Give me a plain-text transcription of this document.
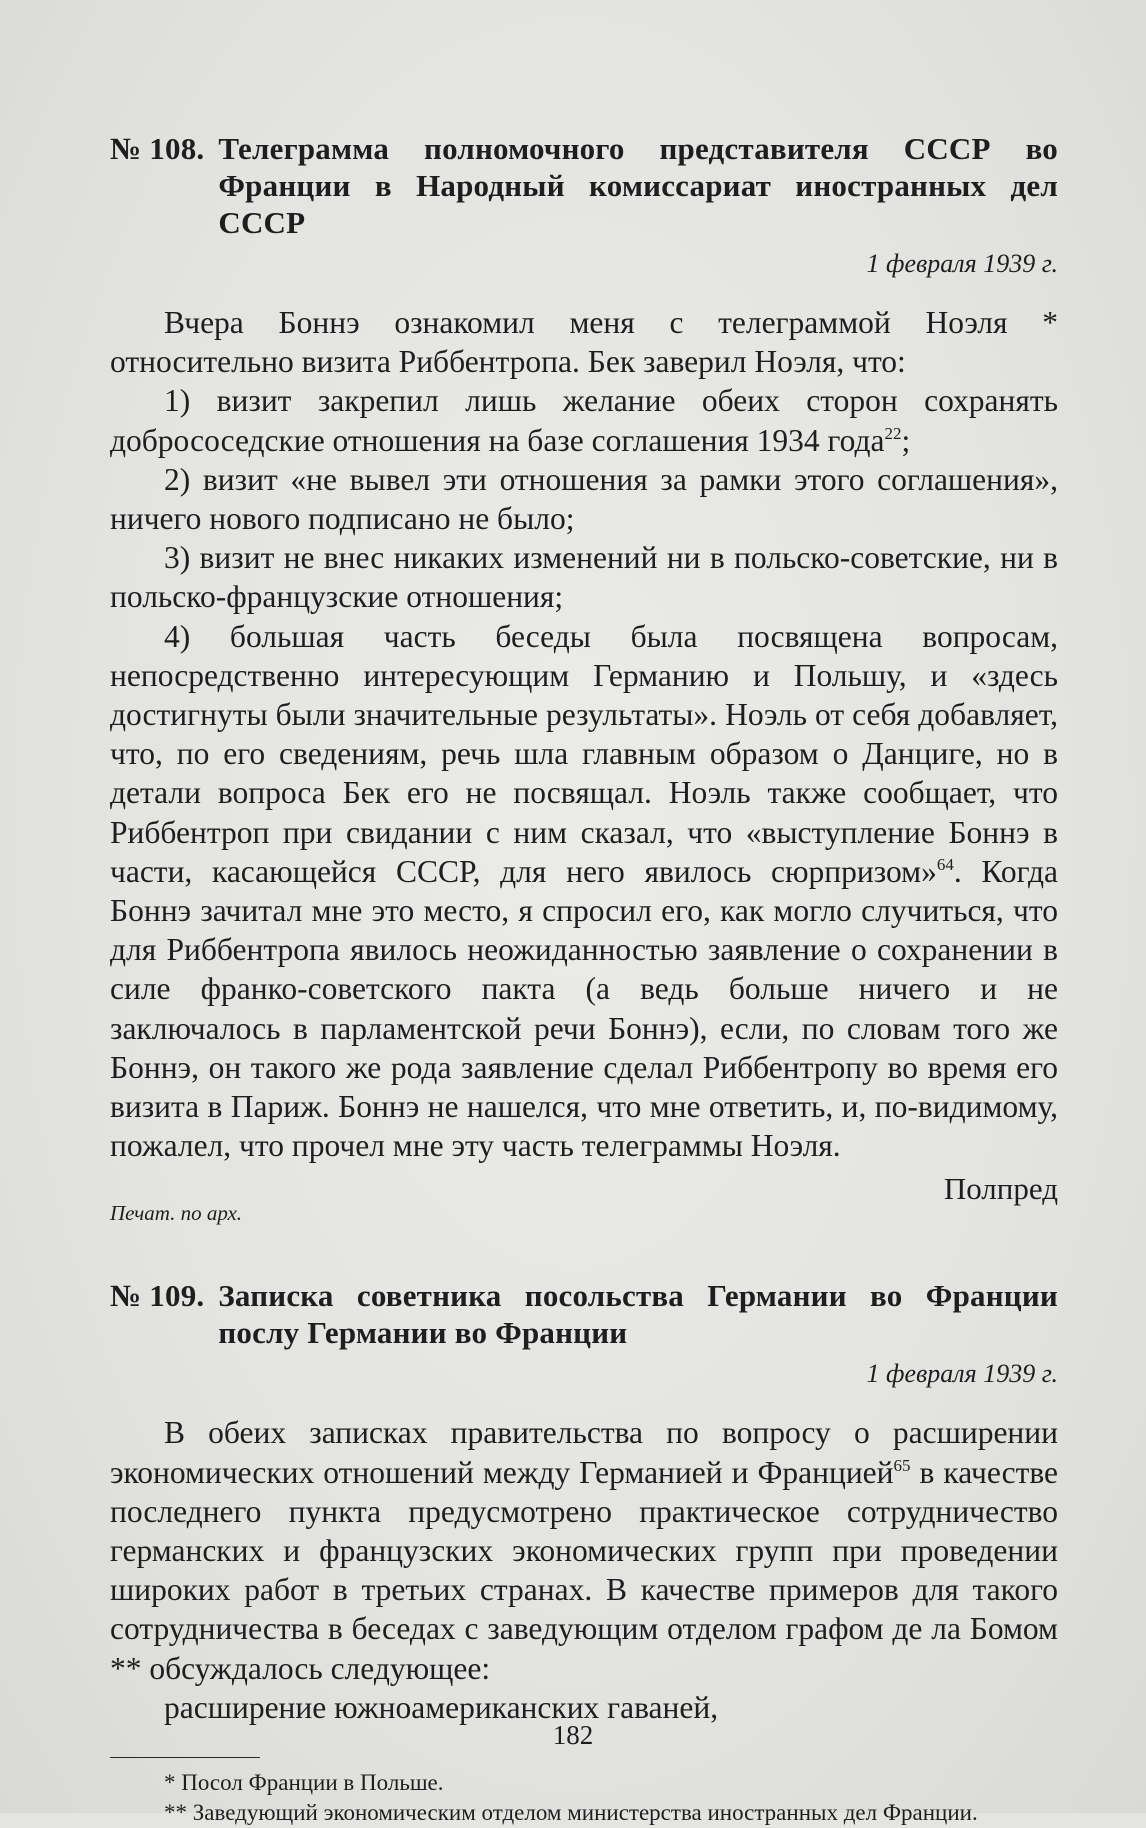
№ 108. Телеграмма полномочного представителя СССР во Франции в Народный комиссариат иностранных дел СССР
1 февраля 1939 г.

Вчера Боннэ ознакомил меня с телеграммой Ноэля * относительно визита Риббентропа. Бек заверил Ноэля, что:

1) визит закрепил лишь желание обеих сторон сохранять добрососедские отношения на базе соглашения 1934 года$^{22}$;

2) визит «не вывел эти отношения за рамки этого соглашения», ничего нового подписано не было;

3) визит не внес никаких изменений ни в польско-советские, ни в польско-французские отношения;

4) большая часть беседы была посвящена вопросам, непосредственно интересующим Германию и Польшу, и «здесь достигнуты были значительные результаты». Ноэль от себя добавляет, что, по его сведениям, речь шла главным образом о Данциге, но в детали вопроса Бек его не посвящал. Ноэль также сообщает, что Риббентроп при свидании с ним сказал, что «выступление Боннэ в части, касающейся СССР, для него явилось сюрпризом»$^{64}$. Когда Боннэ зачитал мне это место, я спросил его, как могло случиться, что для Риббентропа явилось неожиданностью заявление о сохранении в силе франко-советского пакта (а ведь больше ничего и не заключалось в парламентской речи Боннэ), если, по словам того же Боннэ, он такого же рода заявление сделал Риббентропу во время его визита в Париж. Боннэ не нашелся, что мне ответить, и, по-видимому, пожалел, что прочел мне эту часть телеграммы Ноэля.

Полпред
Печат. по арх.
№ 109. Записка советника посольства Германии во Франции послу Германии во Франции
1 февраля 1939 г.

В обеих записках правительства по вопросу о расширении экономических отношений между Германией и Францией$^{65}$ в качестве последнего пункта предусмотрено практическое сотрудничество германских и французских экономических групп при проведении широких работ в третьих странах. В качестве примеров для такого сотрудничества в беседах с заведующим отделом графом де ла Бомом ** обсуждалось следующее:

расширение южноамериканских гаваней,

* Посол Франции в Польше.

** Заведующий экономическим отделом министерства иностранных дел Франции.

182
